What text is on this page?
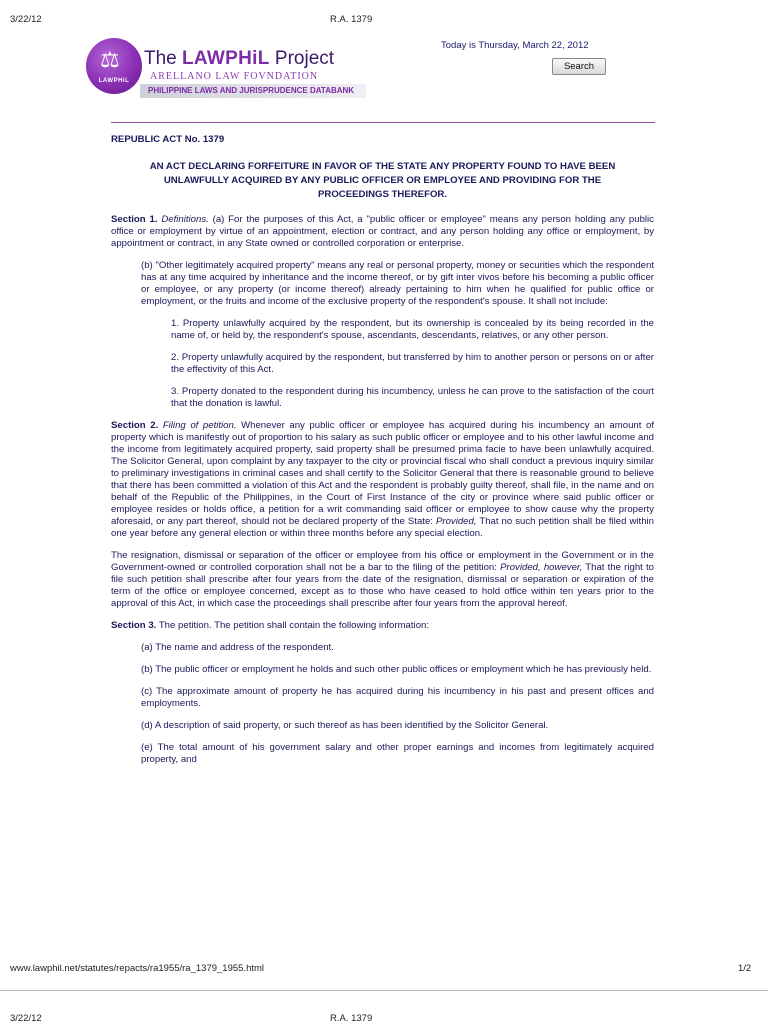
3/22/12	R.A. 1379
⚖
LAWPHiL
The LAWPHiL Project
ARELLANO LAW FOVNDATION
PHILIPPINE LAWS AND JURISPRUDENCE DATABANK
Today is Thursday, March 22, 2012
Search
REPUBLIC ACT No. 1379
AN ACT DECLARING FORFEITURE IN FAVOR OF THE STATE ANY PROPERTY FOUND TO HAVE BEEN UNLAWFULLY ACQUIRED BY ANY PUBLIC OFFICER OR EMPLOYEE AND PROVIDING FOR THE PROCEEDINGS THEREFOR.

Section 1. Definitions. (a) For the purposes of this Act, a "public officer or employee" means any person holding any public office or employment by virtue of an appointment, election or contract, and any person holding any office or employment, by appointment or contract, in any State owned or controlled corporation or enterprise.

(b) "Other legitimately acquired property" means any real or personal property, money or securities which the respondent has at any time acquired by inheritance and the income thereof, or by gift inter vivos before his becoming a public officer or employee, or any property (or income thereof) already pertaining to him when he qualified for public office or employment, or the fruits and income of the exclusive property of the respondent's spouse. It shall not include:

1. Property unlawfully acquired by the respondent, but its ownership is concealed by its being recorded in the name of, or held by, the respondent's spouse, ascendants, descendants, relatives, or any other person.

2. Property unlawfully acquired by the respondent, but transferred by him to another person or persons on or after the effectivity of this Act.

3. Property donated to the respondent during his incumbency, unless he can prove to the satisfaction of the court that the donation is lawful.

Section 2. Filing of petition. Whenever any public officer or employee has acquired during his incumbency an amount of property which is manifestly out of proportion to his salary as such public officer or employee and to his other lawful income and the income from legitimately acquired property, said property shall be presumed prima facie to have been unlawfully acquired. The Solicitor General, upon complaint by any taxpayer to the city or provincial fiscal who shall conduct a previous inquiry similar to preliminary investigations in criminal cases and shall certify to the Solicitor General that there is reasonable ground to believe that there has been committed a violation of this Act and the respondent is probably guilty thereof, shall file, in the name and on behalf of the Republic of the Philippines, in the Court of First Instance of the city or province where said public officer or employee resides or holds office, a petition for a writ commanding said officer or employee to show cause why the property aforesaid, or any part thereof, should not be declared property of the State: Provided, That no such petition shall be filed within one year before any general election or within three months before any special election.

The resignation, dismissal or separation of the officer or employee from his office or employment in the Government or in the Government-owned or controlled corporation shall not be a bar to the filing of the petition: Provided, however, That the right to file such petition shall prescribe after four years from the date of the resignation, dismissal or separation or expiration of the term of the office or employee concerned, except as to those who have ceased to hold office within ten years prior to the approval of this Act, in which case the proceedings shall prescribe after four years from the approval hereof.

Section 3. The petition. The petition shall contain the following information:

(a) The name and address of the respondent.

(b) The public officer or employment he holds and such other public offices or employment which he has previously held.

(c) The approximate amount of property he has acquired during his incumbency in his past and present offices and employments.

(d) A description of said property, or such thereof as has been identified by the Solicitor General.

(e) The total amount of his government salary and other proper earnings and incomes from legitimately acquired property, and

www.lawphil.net/statutes/repacts/ra1955/ra_1379_1955.html	1/2
3/22/12	R.A. 1379
